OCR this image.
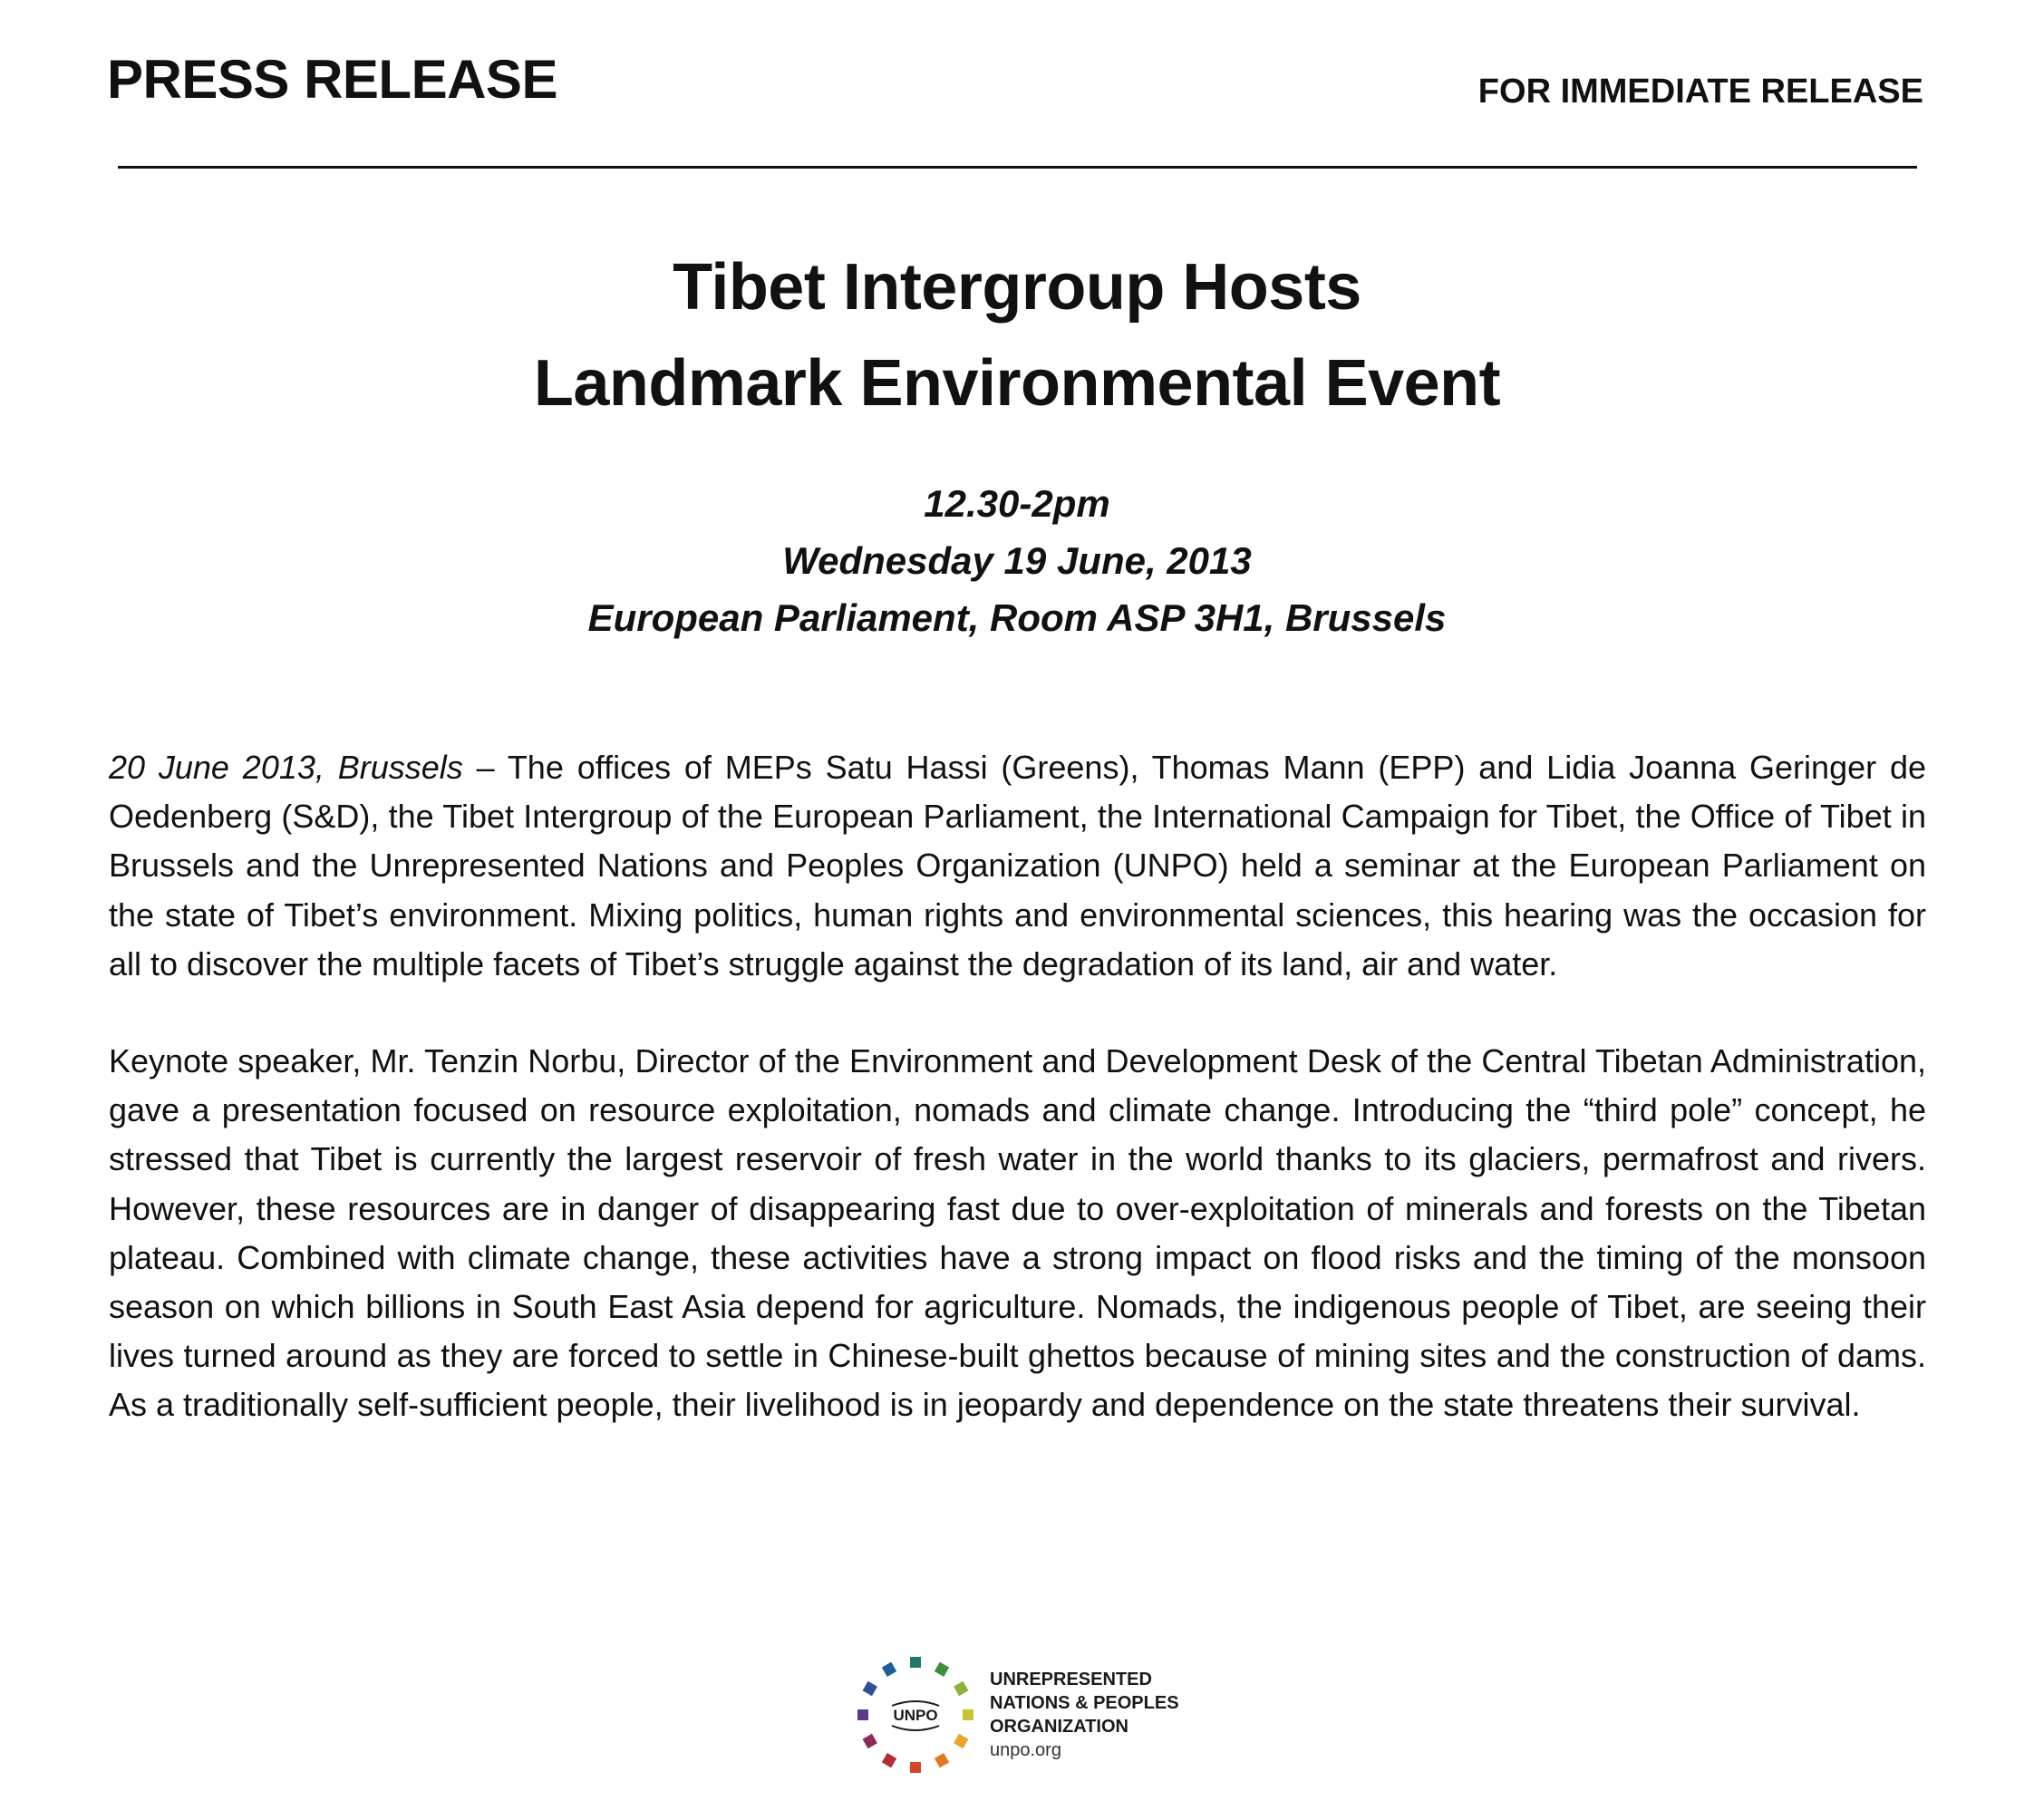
PRESS RELEASE	FOR IMMEDIATE RELEASE
Tibet Intergroup Hosts
Landmark Environmental Event
12.30-2pm
Wednesday 19 June, 2013
European Parliament, Room ASP 3H1, Brussels

20 June 2013, Brussels – The offices of MEPs Satu Hassi (Greens), Thomas Mann (EPP) and Lidia Joanna Geringer de Oedenberg (S&D), the Tibet Intergroup of the European Parliament, the International Campaign for Tibet, the Office of Tibet in Brussels and the Unrepresented Nations and Peoples Organization (UNPO) held a seminar at the European Parliament on the state of Tibet’s environment. Mixing politics, human rights and environmental sciences, this hearing was the occasion for all to discover the multiple facets of Tibet’s struggle against the degradation of its land, air and water.

Keynote speaker, Mr. Tenzin Norbu, Director of the Environment and Development Desk of the Central Tibetan Administration, gave a presentation focused on resource exploitation, nomads and climate change. Introducing the “third pole” concept, he stressed that Tibet is currently the largest reservoir of fresh water in the world thanks to its glaciers, permafrost and rivers. However, these resources are in danger of disappearing fast due to over-exploitation of minerals and forests on the Tibetan plateau. Combined with climate change, these activities have a strong impact on flood risks and the timing of the monsoon season on which billions in South East Asia depend for agriculture. Nomads, the indigenous people of Tibet, are seeing their lives turned around as they are forced to settle in Chinese-built ghettos because of mining sites and the construction of dams. As a traditionally self-sufficient people, their livelihood is in jeopardy and dependence on the state threatens their survival.

UNPO
UNREPRESENTED
NATIONS & PEOPLES
ORGANIZATION
unpo.org
